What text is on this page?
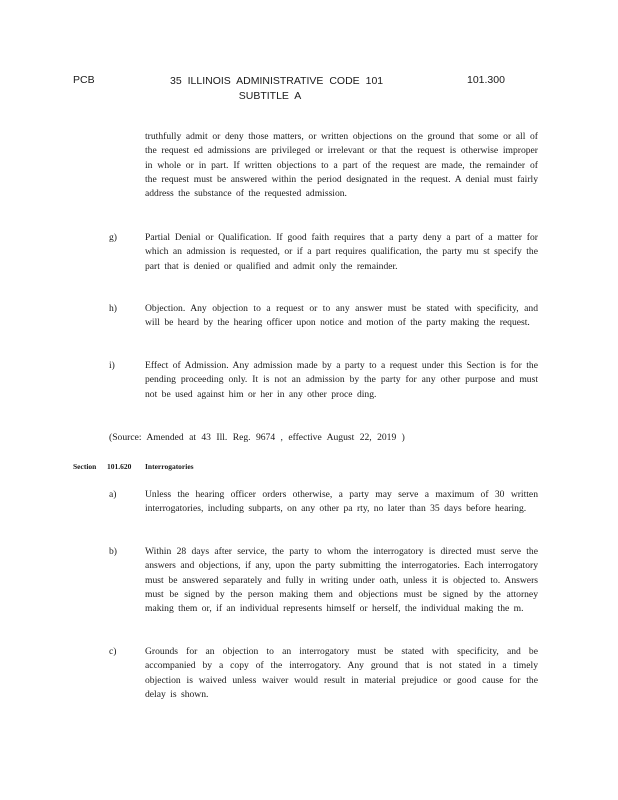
PCB	35 ILLINOIS ADMINISTRATIVE CODE 101
SUBTITLE A
101.300
truthfully admit or deny those matters, or written objections on the ground that some or all of the request ed admissions are privileged or irrelevant or that the request is otherwise improper in whole or in part. If written objections to a part of the request are made, the remainder of the request must be answered within the period designated in the request. A denial must fairly address the substance of the requested admission.
g)	Partial Denial or Qualification. If good faith requires that a party deny a part of a matter for which an admission is requested, or if a part requires qualification, the party mu st specify the part that is denied or qualified and admit only the remainder.
h)	Objection. Any objection to a request or to any answer must be stated with specificity, and will be heard by the hearing officer upon notice and motion of the party making the request.
i)	Effect of Admission. Any admission made by a party to a request under this Section is for the pending proceeding only. It is not an admission by the party for any other purpose and must not be used against him or her in any other proce ding.
(Source: Amended at 43 Ill. Reg. 9674 , effective August 22, 2019 )
Section 101.620 Interrogatories
a)	Unless the hearing officer orders otherwise, a party may serve a maximum of 30 written interrogatories, including subparts, on any other pa rty, no later than 35 days before hearing.
b)	Within 28 days after service, the party to whom the interrogatory is directed must serve the answers and objections, if any, upon the party submitting the interrogatories. Each interrogatory must be answered separately and fully in writing under oath, unless it is objected to. Answers must be signed by the person making them and objections must be signed by the attorney making them or, if an individual represents himself or herself, the individual making the m.
c)	Grounds for an objection to an interrogatory must be stated with specificity, and be accompanied by a copy of the interrogatory. Any ground that is not stated in a timely objection is waived unless waiver would result in material prejudice or good cause for the delay is shown.
